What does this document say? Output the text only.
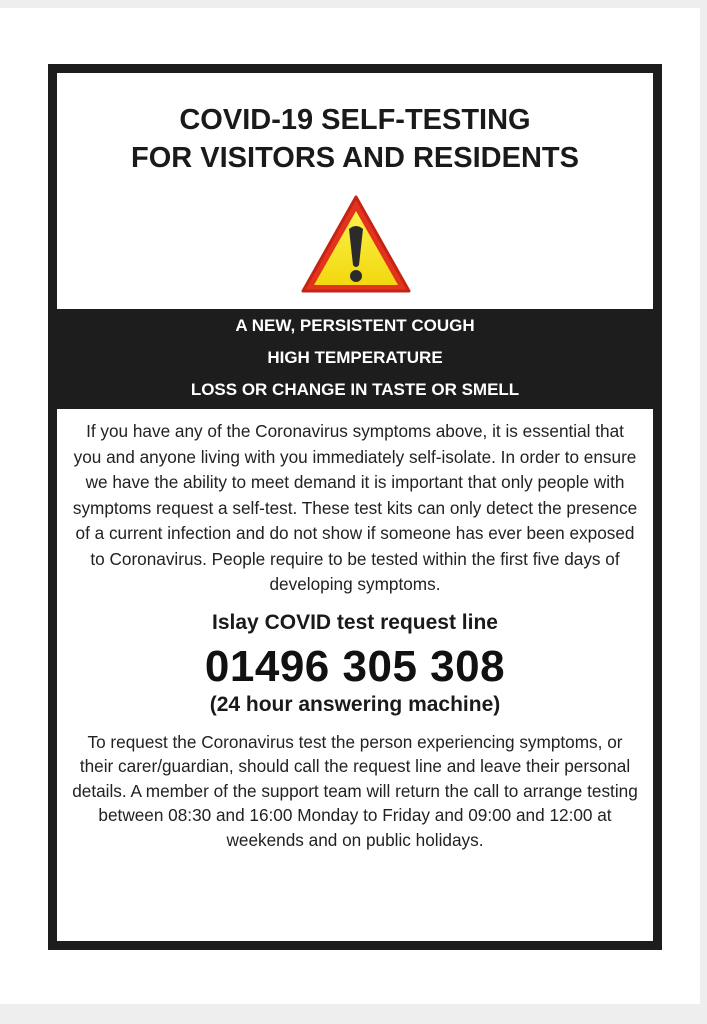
COVID-19 SELF-TESTING
FOR VISITORS AND RESIDENTS
A NEW, PERSISTENT COUGH
HIGH TEMPERATURE
LOSS OR CHANGE IN TASTE OR SMELL

If you have any of the Coronavirus symptoms above, it is essential that you and anyone living with you immediately self-isolate. In order to ensure we have the ability to meet demand it is important that only people with symptoms request a self-test. These test kits can only detect the presence of a current infection and do not show if someone has ever been exposed to Coronavirus. People require to be tested within the first five days of developing symptoms.

Islay COVID test request line
01496 305 308
(24 hour answering machine)

To request the Coronavirus test the person experiencing symptoms, or their carer/guardian, should call the request line and leave their personal details. A member of the support team will return the call to arrange testing between 08:30 and 16:00 Monday to Friday and 09:00 and 12:00 at weekends and on public holidays.
